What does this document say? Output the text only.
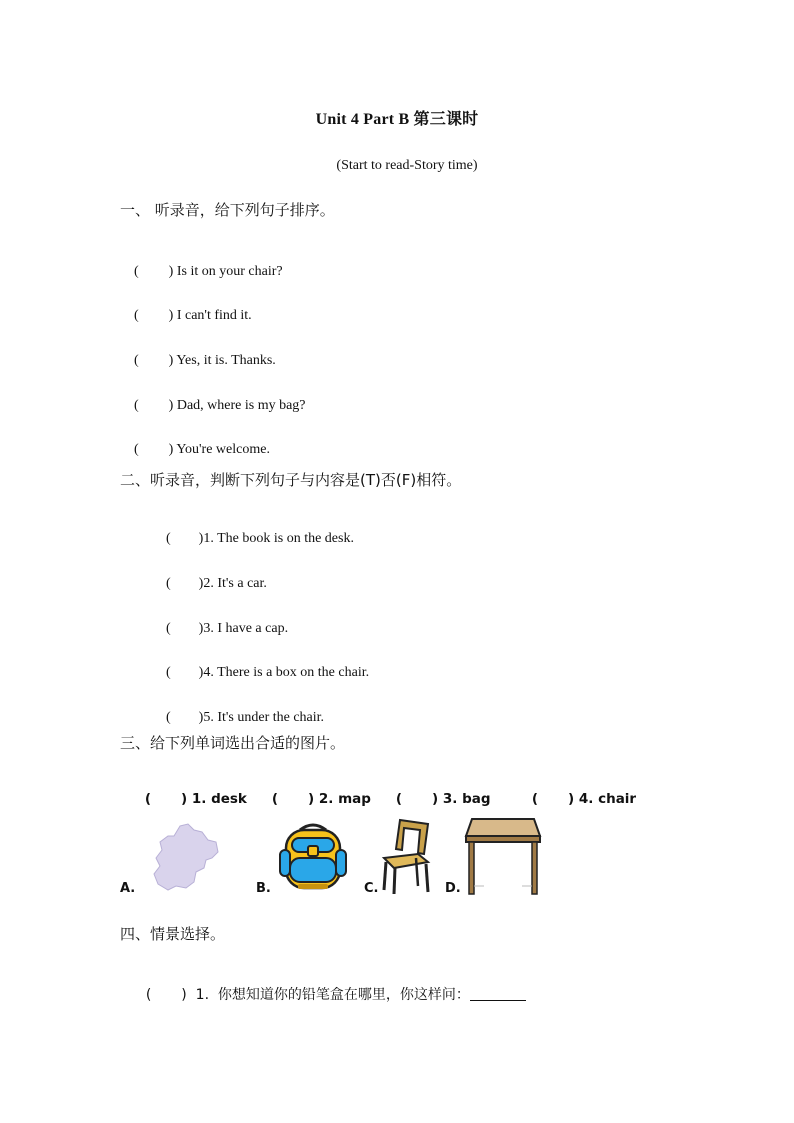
Unit 4 Part B 第三课时
(Start to read-Story time)
一、 听录音，给下列句子排序。

( ) Is it on your chair?

( ) I can't find it.

( ) Yes, it is. Thanks.

( ) Dad, where is my bag?

( ) You're welcome.

二、听录音，判断下列句子与内容是(T)否(F)相符。

( )1. The book is on the desk.

( )2. It's a car.

( )3. I have a cap.

( )4. There is a box on the chair.

( )5. It's under the chair.

三、给下列单词选出合适的图片。

( ) 1. desk
	( ) 2. map
	( ) 3. bag
	( ) 4. chair

A.	B.	C.	D.
四、情景选择。

( ) 1.  你想知道你的铅笔盒在哪里，你这样问：
